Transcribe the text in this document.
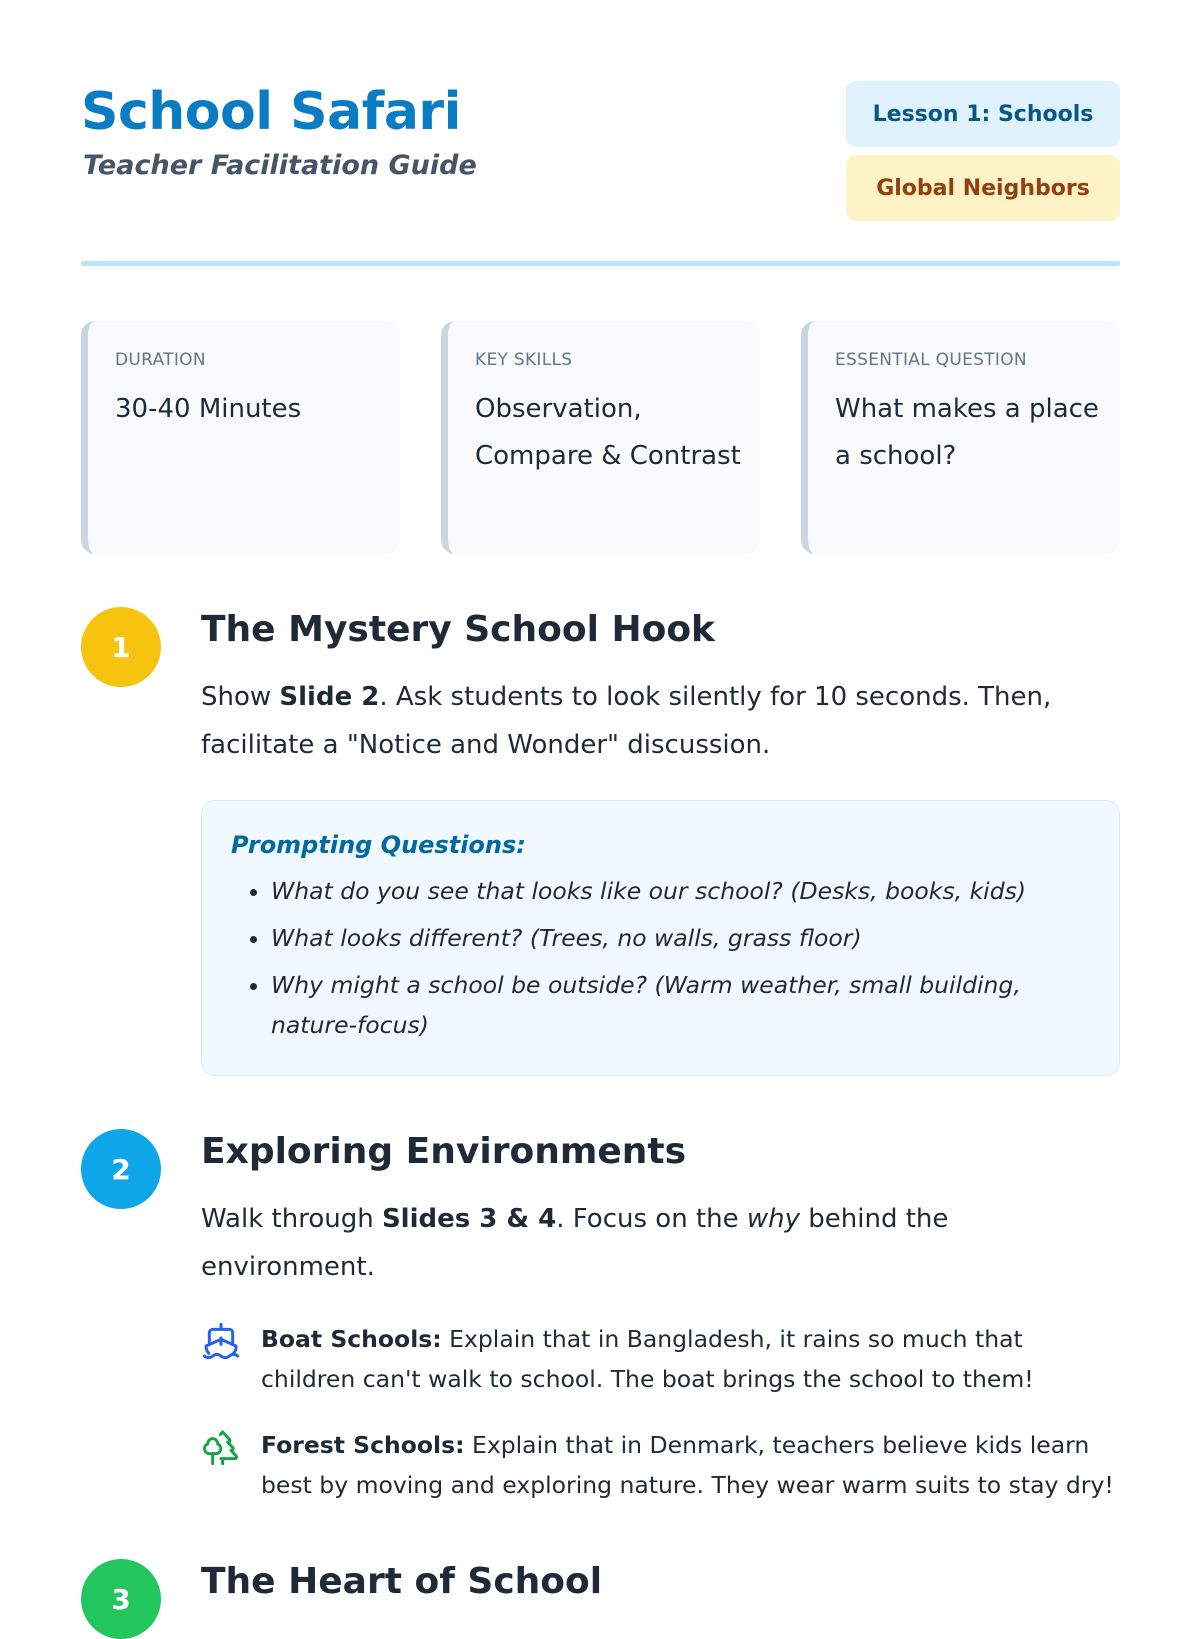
School Safari
Teacher Facilitation Guide
Lesson 1: Schools
Global Neighbors
DURATION
30-40 Minutes
KEY SKILLS
Observation, Compare & Contrast
ESSENTIAL QUESTION
What makes a place a school?
1	The Mystery School Hook
Show Slide 2. Ask students to look silently for 10 seconds. Then, facilitate a "Notice and Wonder" discussion.
Prompting Questions:
• What do you see that looks like our school? (Desks, books, kids)
• What looks different? (Trees, no walls, grass floor)
• Why might a school be outside? (Warm weather, small building, nature-focus)
2	Exploring Environments
Walk through Slides 3 & 4. Focus on the why behind the environment.
Boat Schools: Explain that in Bangladesh, it rains so much that children can't walk to school. The boat brings the school to them!
Forest Schools: Explain that in Denmark, teachers believe kids learn best by moving and exploring nature. They wear warm suits to stay dry!
3	The Heart of School
